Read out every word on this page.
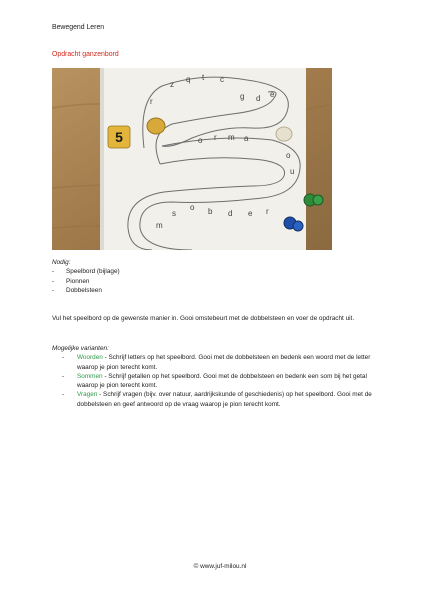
Bewegend Leren
Opdracht ganzenbord
z
q t c
g d e
r
o r m a
o
u
s
o b d e r
m
5
Nodig:
- Speelbord (bijlage)
- Pionnen
- Dobbelsteen
Vul het speelbord op de gewenste manier in. Gooi omstebeurt met de dobbelsteen en voer de opdracht uit.
Mogelijke varianten:
- Woorden - Schrijf letters op het speelbord. Gooi met de dobbelsteen en bedenk een woord met de letter waarop je pion terecht komt.
- Sommen - Schrijf getallen op het speelbord. Gooi met de dobbelsteen en bedenk een som bij het getal waarop je pion terecht komt.
- Vragen - Schrijf vragen (bijv. over natuur, aardrijkskunde of geschiedenis) op het speelbord. Gooi met de dobbelsteen en geef antwoord op de vraag waarop je pion terecht komt.
© www.juf-milou.nl
